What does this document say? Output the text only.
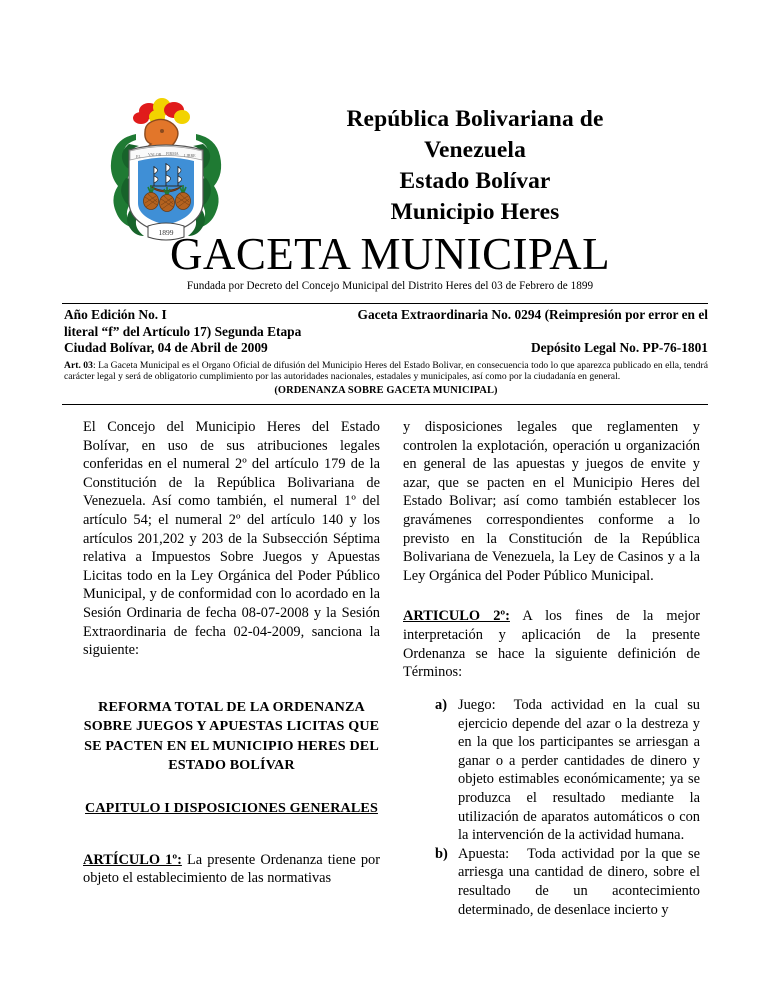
EL VALOR FIRMA LIBRE
1899
República Bolivariana de
Venezuela
Estado Bolívar
Municipio Heres
GACETA MUNICIPAL
Fundada por Decreto del Concejo Municipal del Distrito Heres del 03 de Febrero de 1899
Año Edición No. I	Gaceta Extraordinaria No. 0294 (Reimpresión por error en el
literal “f” del Artículo 17) Segunda Etapa
Ciudad Bolívar, 04 de Abril de 2009	Depósito Legal No. PP-76-1801
Art. 03: La Gaceta Municipal es el Organo Oficial de difusión del Municipio Heres del Estado Bolivar, en consecuencia todo lo que aparezca publicado en ella, tendrá carácter legal y será de obligatorio cumplimiento por las autoridades nacionales, estadales y municipales, así como por la ciudadanía en general.
(ORDENANZA SOBRE GACETA MUNICIPAL)

El Concejo del Municipio Heres del Estado Bolívar, en uso de sus atribuciones legales conferidas en el numeral 2º del artículo 179 de la Constitución de la República Bolivariana de Venezuela. Así como también, el numeral 1º del artículo 54; el numeral 2º del artículo 140 y los artículos 201,202 y 203 de la Subsección Séptima relativa a Impuestos Sobre Juegos y Apuestas Licitas todo en la Ley Orgánica del Poder Público Municipal, y de conformidad con lo acordado en la Sesión Ordinaria de fecha 08-07-2008 y la Sesión Extraordinaria de fecha 02-04-2009, sanciona la siguiente:

REFORMA TOTAL DE LA ORDENANZA SOBRE JUEGOS Y APUESTAS LICITAS QUE SE PACTEN EN EL MUNICIPIO HERES DEL ESTADO BOLÍVAR
CAPITULO I DISPOSICIONES GENERALES

ARTÍCULO 1º: La presente Ordenanza tiene por objeto el establecimiento de las normativas

y disposiciones legales que reglamenten y controlen la explotación, operación u organización en general de las apuestas y juegos de envite y azar, que se pacten en el Municipio Heres del Estado Bolivar; así como también establecer los gravámenes correspondientes conforme a lo previsto en la Constitución de la República Bolivariana de Venezuela, la Ley de Casinos y a la Ley Orgánica del Poder Público Municipal.

ARTICULO 2º: A los fines de la mejor interpretación y aplicación de la presente Ordenanza se hace la siguiente definición de Términos:

a) Juego: Toda actividad en la cual su ejercicio depende del azar o la destreza y en la que los participantes se arriesgan a ganar o a perder cantidades de dinero y objeto estimables económicamente; ya se produzca el resultado mediante la utilización de aparatos automáticos o con la intervención de la actividad humana.
b) Apuesta: Toda actividad por la que se arriesga una cantidad de dinero, sobre el resultado de un acontecimiento determinado, de desenlace incierto y
